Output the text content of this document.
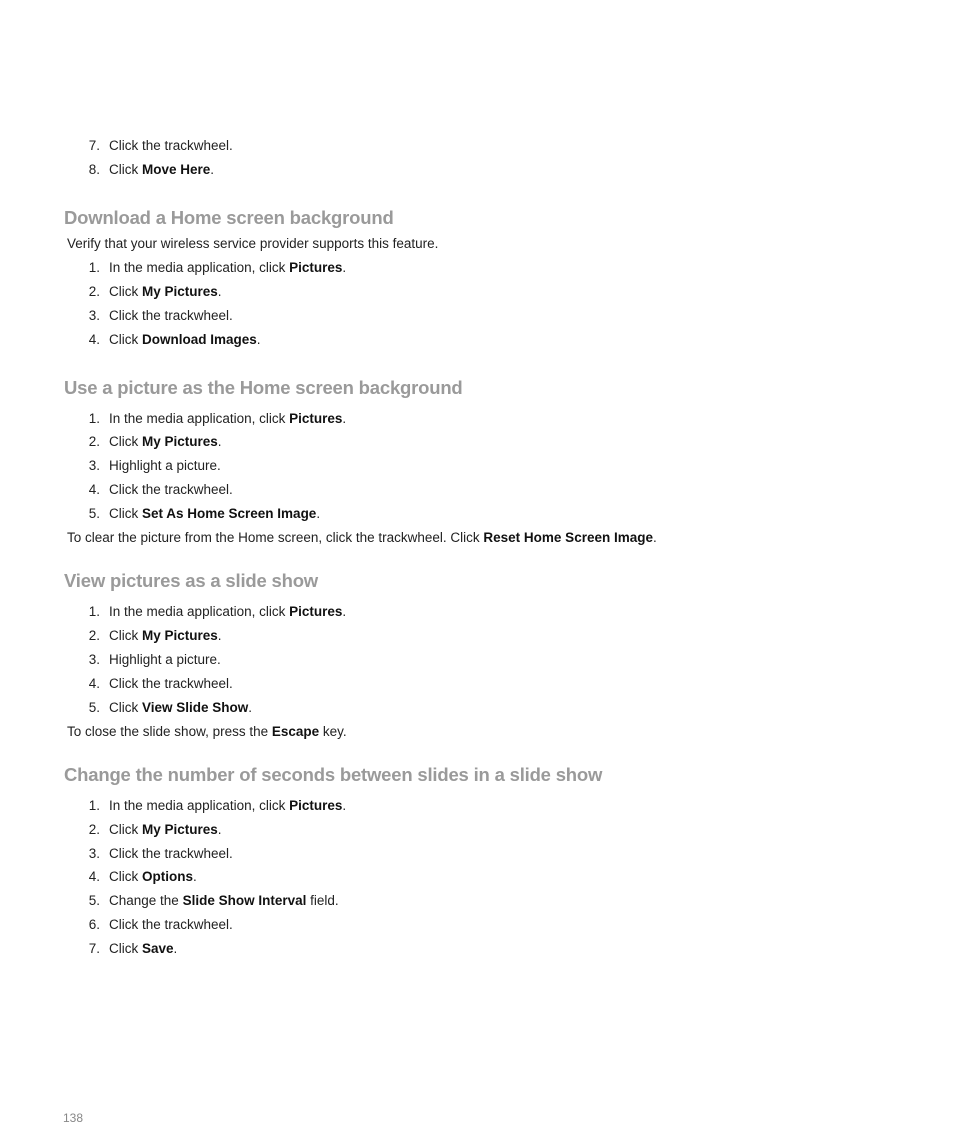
7. Click the trackwheel.
8. Click Move Here.
Download a Home screen background
Verify that your wireless service provider supports this feature.
1. In the media application, click Pictures.
2. Click My Pictures.
3. Click the trackwheel.
4. Click Download Images.
Use a picture as the Home screen background
1. In the media application, click Pictures.
2. Click My Pictures.
3. Highlight a picture.
4. Click the trackwheel.
5. Click Set As Home Screen Image.
To clear the picture from the Home screen, click the trackwheel. Click Reset Home Screen Image.
View pictures as a slide show
1. In the media application, click Pictures.
2. Click My Pictures.
3. Highlight a picture.
4. Click the trackwheel.
5. Click View Slide Show.
To close the slide show, press the Escape key.
Change the number of seconds between slides in a slide show
1. In the media application, click Pictures.
2. Click My Pictures.
3. Click the trackwheel.
4. Click Options.
5. Change the Slide Show Interval field.
6. Click the trackwheel.
7. Click Save.
138
